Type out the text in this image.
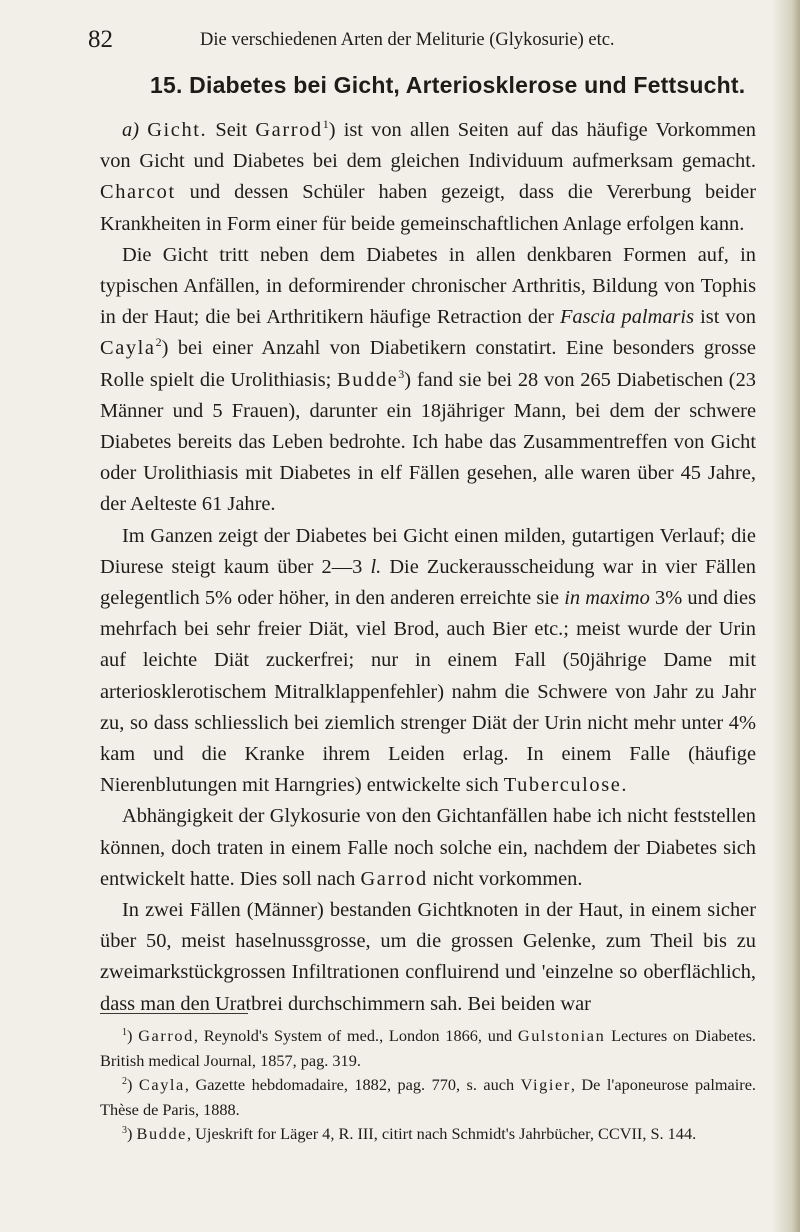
82	Die verschiedenen Arten der Meliturie (Glykosurie) etc.
15. Diabetes bei Gicht, Arteriosklerose und Fettsucht.

a) Gicht. Seit Garrod$^1$) ist von allen Seiten auf das häufige Vorkommen von Gicht und Diabetes bei dem gleichen Individuum aufmerksam gemacht. Charcot und dessen Schüler haben gezeigt, dass die Vererbung beider Krankheiten in Form einer für beide gemeinschaftlichen Anlage erfolgen kann.

Die Gicht tritt neben dem Diabetes in allen denkbaren Formen auf, in typischen Anfällen, in deformirender chronischer Arthritis, Bildung von Tophis in der Haut; die bei Arthritikern häufige Retraction der Fascia palmaris ist von Cayla$^2$) bei einer Anzahl von Diabetikern constatirt. Eine besonders grosse Rolle spielt die Urolithiasis; Budde$^3$) fand sie bei 28 von 265 Diabetischen (23 Männer und 5 Frauen), darunter ein 18jähriger Mann, bei dem der schwere Diabetes bereits das Leben bedrohte. Ich habe das Zusammentreffen von Gicht oder Urolithiasis mit Diabetes in elf Fällen gesehen, alle waren über 45 Jahre, der Aelteste 61 Jahre.

Im Ganzen zeigt der Diabetes bei Gicht einen milden, gutartigen Verlauf; die Diurese steigt kaum über 2—3 l. Die Zuckerausscheidung war in vier Fällen gelegentlich 5% oder höher, in den anderen erreichte sie in maximo 3% und dies mehrfach bei sehr freier Diät, viel Brod, auch Bier etc.; meist wurde der Urin auf leichte Diät zuckerfrei; nur in einem Fall (50jährige Dame mit arteriosklerotischem Mitralklappenfehler) nahm die Schwere von Jahr zu Jahr zu, so dass schliesslich bei ziemlich strenger Diät der Urin nicht mehr unter 4% kam und die Kranke ihrem Leiden erlag. In einem Falle (häufige Nierenblutungen mit Harngries) entwickelte sich Tuberculose.

Abhängigkeit der Glykosurie von den Gichtanfällen habe ich nicht feststellen können, doch traten in einem Falle noch solche ein, nachdem der Diabetes sich entwickelt hatte. Dies soll nach Garrod nicht vorkommen.

In zwei Fällen (Männer) bestanden Gichtknoten in der Haut, in einem sicher über 50, meist haselnussgrosse, um die grossen Gelenke, zum Theil bis zu zweimarkstückgrossen Infiltrationen confluirend und 'einzelne so oberflächlich, dass man den Uratbrei durchschimmern sah. Bei beiden war

$^1$) Garrod, Reynold's System of med., London 1866, und Gulstonian Lectures on Diabetes. British medical Journal, 1857, pag. 319.

$^2$) Cayla, Gazette hebdomadaire, 1882, pag. 770, s. auch Vigier, De l'aponeurose palmaire. Thèse de Paris, 1888.

$^3$) Budde, Ujeskrift for Läger 4, R. III, citirt nach Schmidt's Jahrbücher, CCVII, S. 144.
